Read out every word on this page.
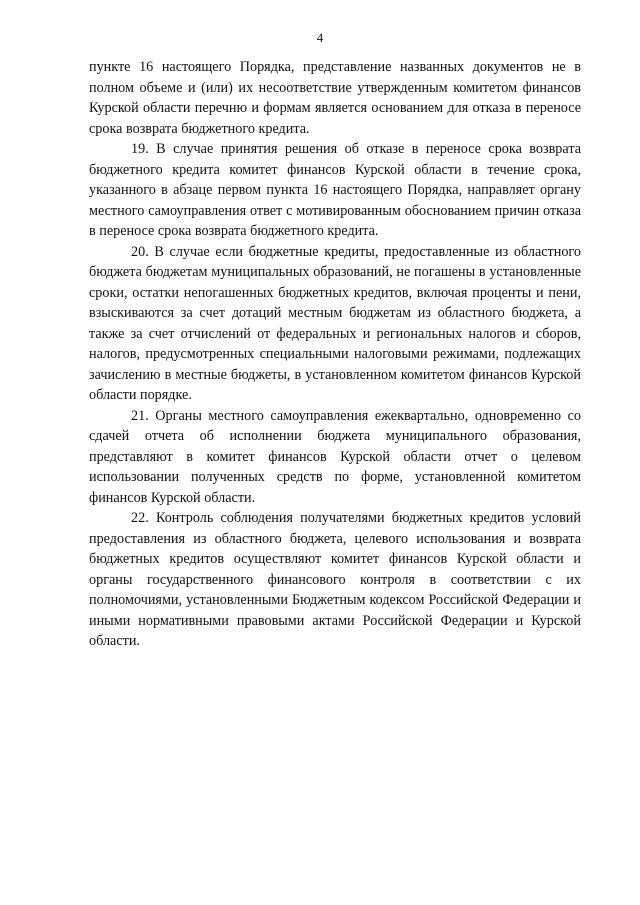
4

пункте 16 настоящего Порядка, представление названных документов не в полном объеме и (или) их несоответствие утвержденным комитетом финансов Курской области перечню и формам является основанием для отказа в переносе срока возврата бюджетного кредита.

19. В случае принятия решения об отказе в переносе срока возврата бюджетного кредита комитет финансов Курской области в течение срока, указанного в абзаце первом пункта 16 настоящего Порядка, направляет органу местного самоуправления ответ с мотивированным обоснованием причин отказа в переносе срока возврата бюджетного кредита.

20. В случае если бюджетные кредиты, предоставленные из областного бюджета бюджетам муниципальных образований, не погашены в установленные сроки, остатки непогашенных бюджетных кредитов, включая проценты и пени, взыскиваются за счет дотаций местным бюджетам из областного бюджета, а также за счет отчислений от федеральных и региональных налогов и сборов, налогов, предусмотренных специальными налоговыми режимами, подлежащих зачислению в местные бюджеты, в установленном комитетом финансов Курской области порядке.

21. Органы местного самоуправления ежеквартально, одновременно со сдачей отчета об исполнении бюджета муниципального образования, представляют в комитет финансов Курской области отчет о целевом использовании полученных средств по форме, установленной комитетом финансов Курской области.

22. Контроль соблюдения получателями бюджетных кредитов условий предоставления из областного бюджета, целевого использования и возврата бюджетных кредитов осуществляют комитет финансов Курской области и органы государственного финансового контроля в соответствии с их полномочиями, установленными Бюджетным кодексом Российской Федерации и иными нормативными правовыми актами Российской Федерации и Курской области.
